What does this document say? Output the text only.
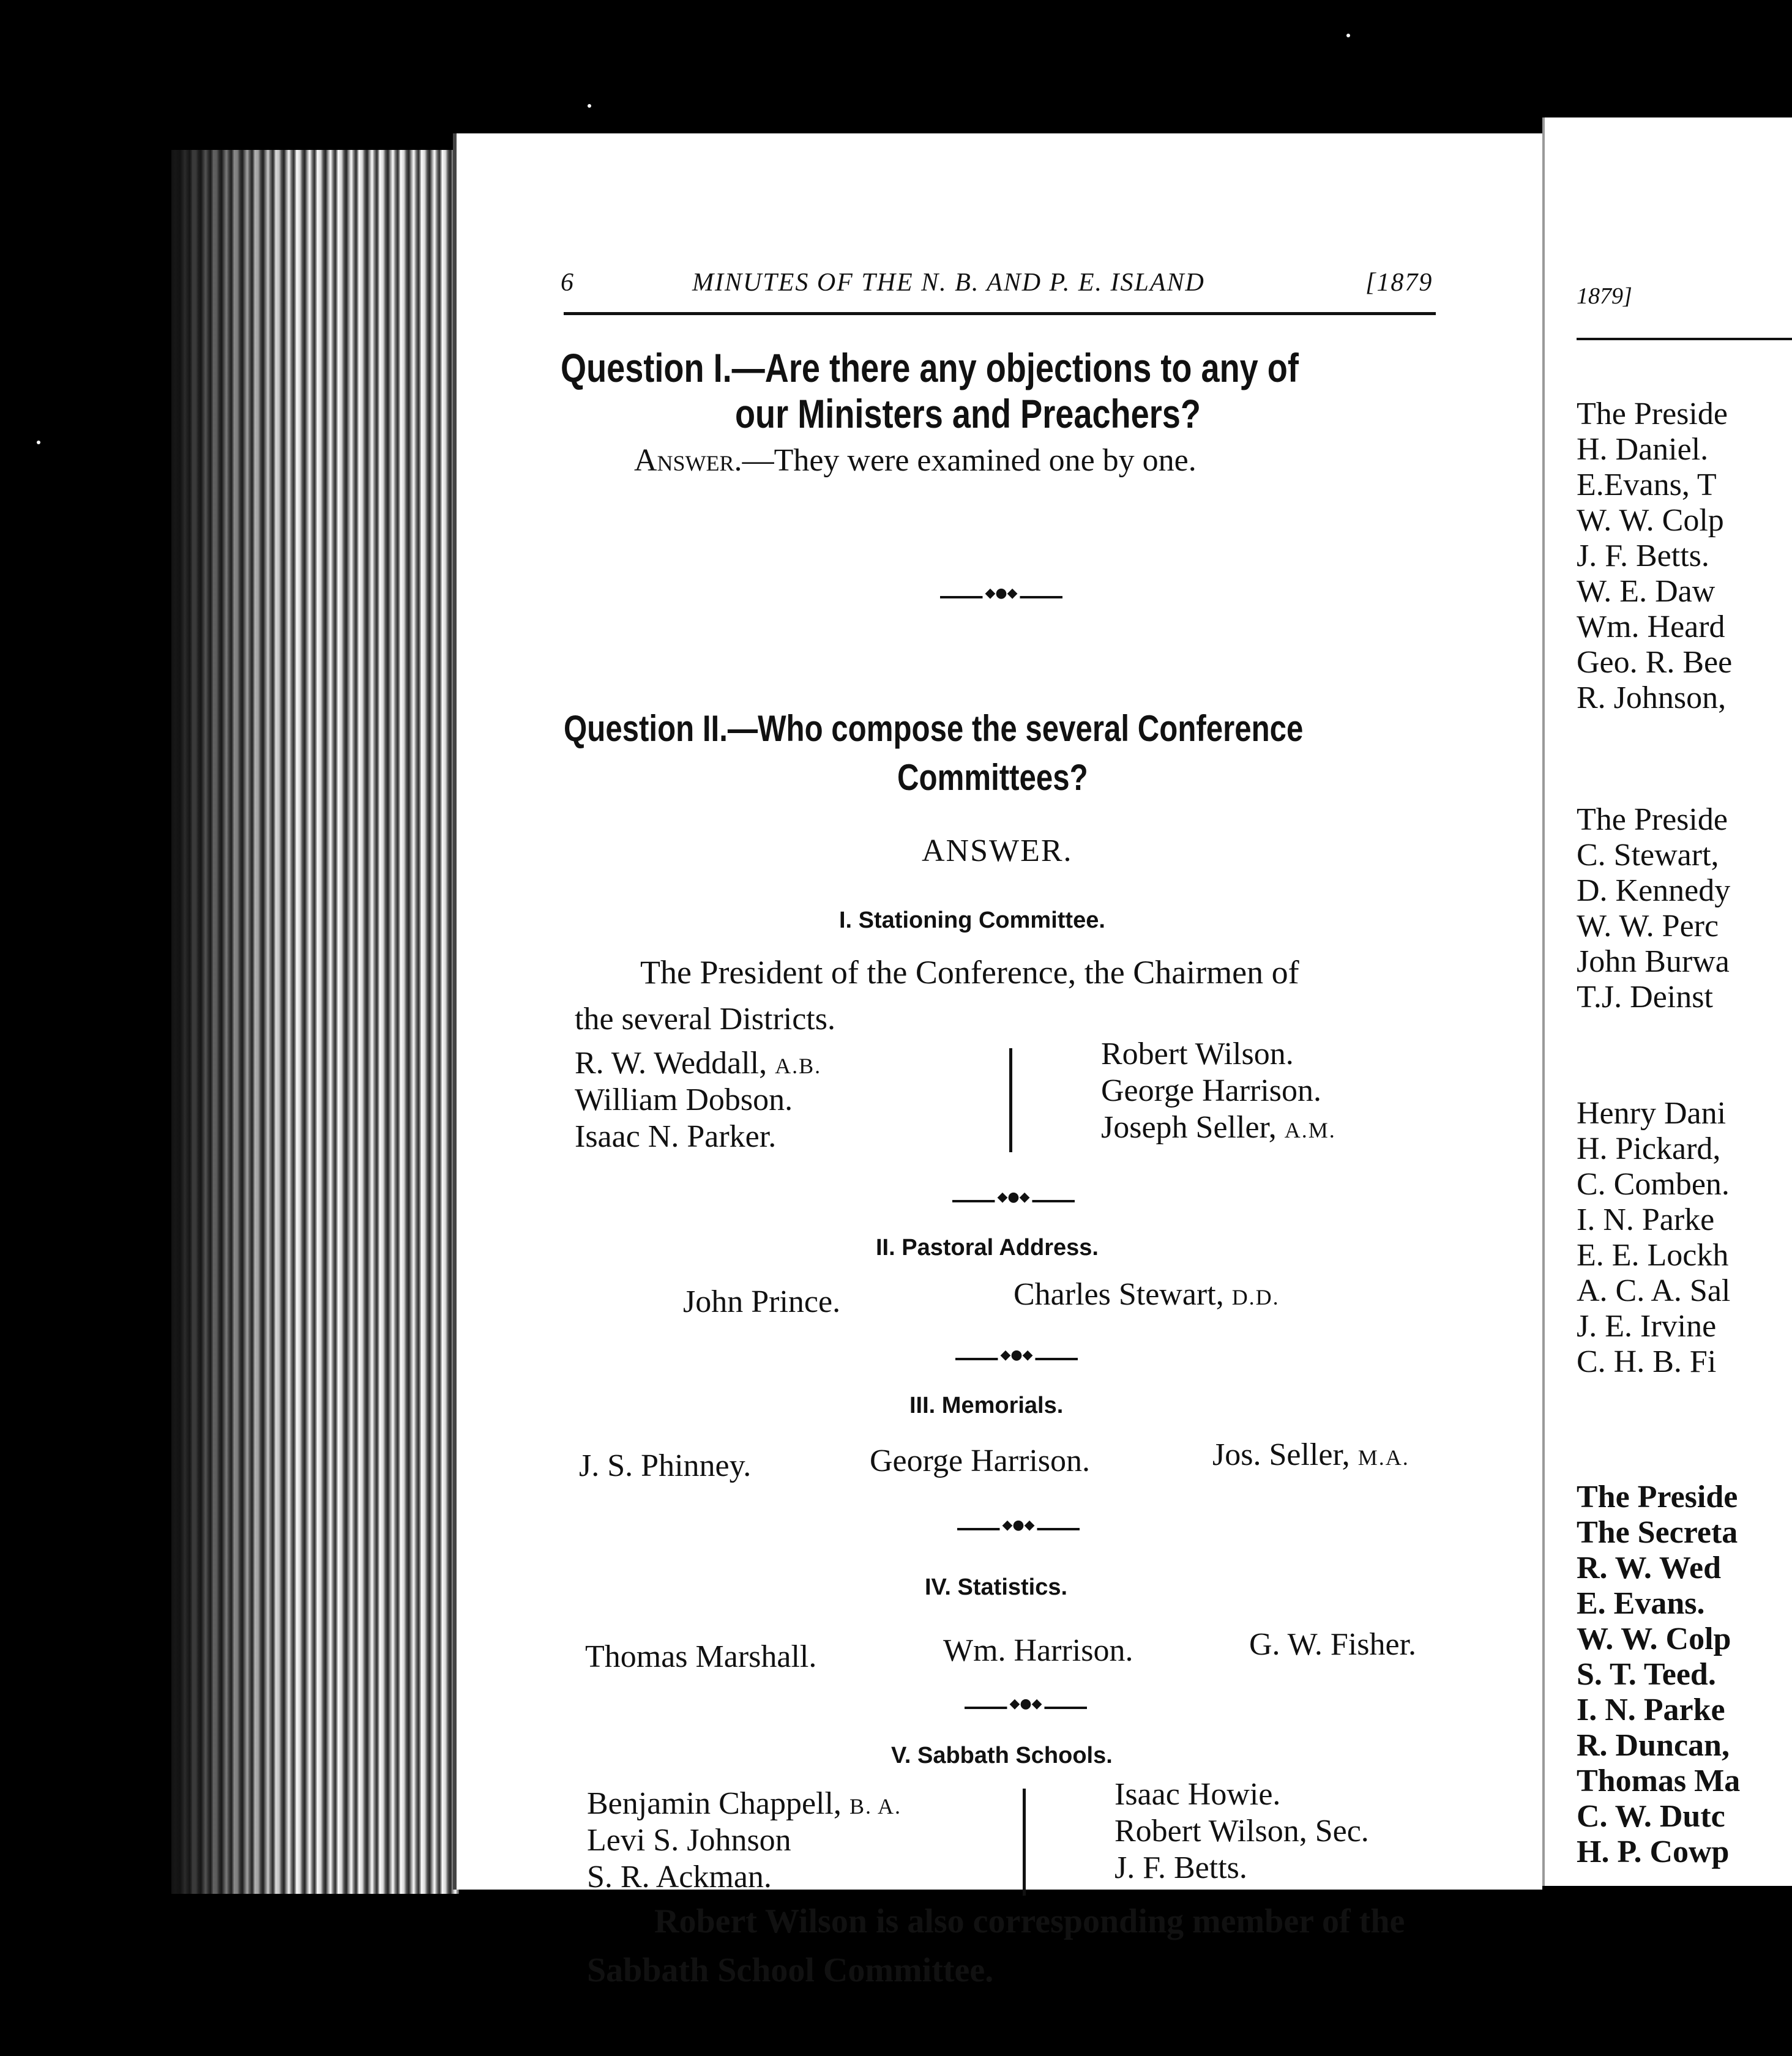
6	MINUTES OF THE N. B. AND P. E. ISLAND	[1879

Question I.—Are there any objections to any of

our Ministers and Preachers?

Answer.—They were examined one by one.

◆●◆

Question II.—Who compose the several Conference

Committees?

ANSWER.

I. Stationing Committee.

The President of the Conference, the Chairmen of

the several Districts.

R. W. Weddall, A.B.

William Dobson.

Isaac N. Parker.

Robert Wilson.

George Harrison.

Joseph Seller, A.M.

◆●◆

II. Pastoral Address.

John Prince.	Charles Stewart, D.D.

◆●◆

III. Memorials.

J. S. Phinney.	George Harrison.	Jos. Seller, M.A.

◆●◆

IV. Statistics.

Thomas Marshall.	Wm. Harrison.	G. W. Fisher.

◆●◆

V. Sabbath Schools.

Benjamin Chappell, B. A.

Levi S. Johnson

S. R. Ackman.

Isaac Howie.

Robert Wilson, Sec.

J. F. Betts.

Robert Wilson is also corresponding member of the

Sabbath School Committee.

1879]

The Preside

H. Daniel.

E.Evans, T

W. W. Colp

J. F. Betts.

W. E. Daw

Wm. Heard

Geo. R. Bee

R. Johnson,

The Preside

C. Stewart,

D. Kennedy

W. W. Perc

John Burwa

T.J. Deinst

Henry Dani

H. Pickard,

C. Comben.

I. N. Parke

E. E. Lockh

A. C. A. Sal

J. E. Irvine

C. H. B. Fi

The Preside

The Secreta

R. W. Wed

E. Evans.

W. W. Colp

S. T. Teed.

I. N. Parke

R. Duncan,

Thomas Ma

C. W. Dutc

H. P. Cowp
